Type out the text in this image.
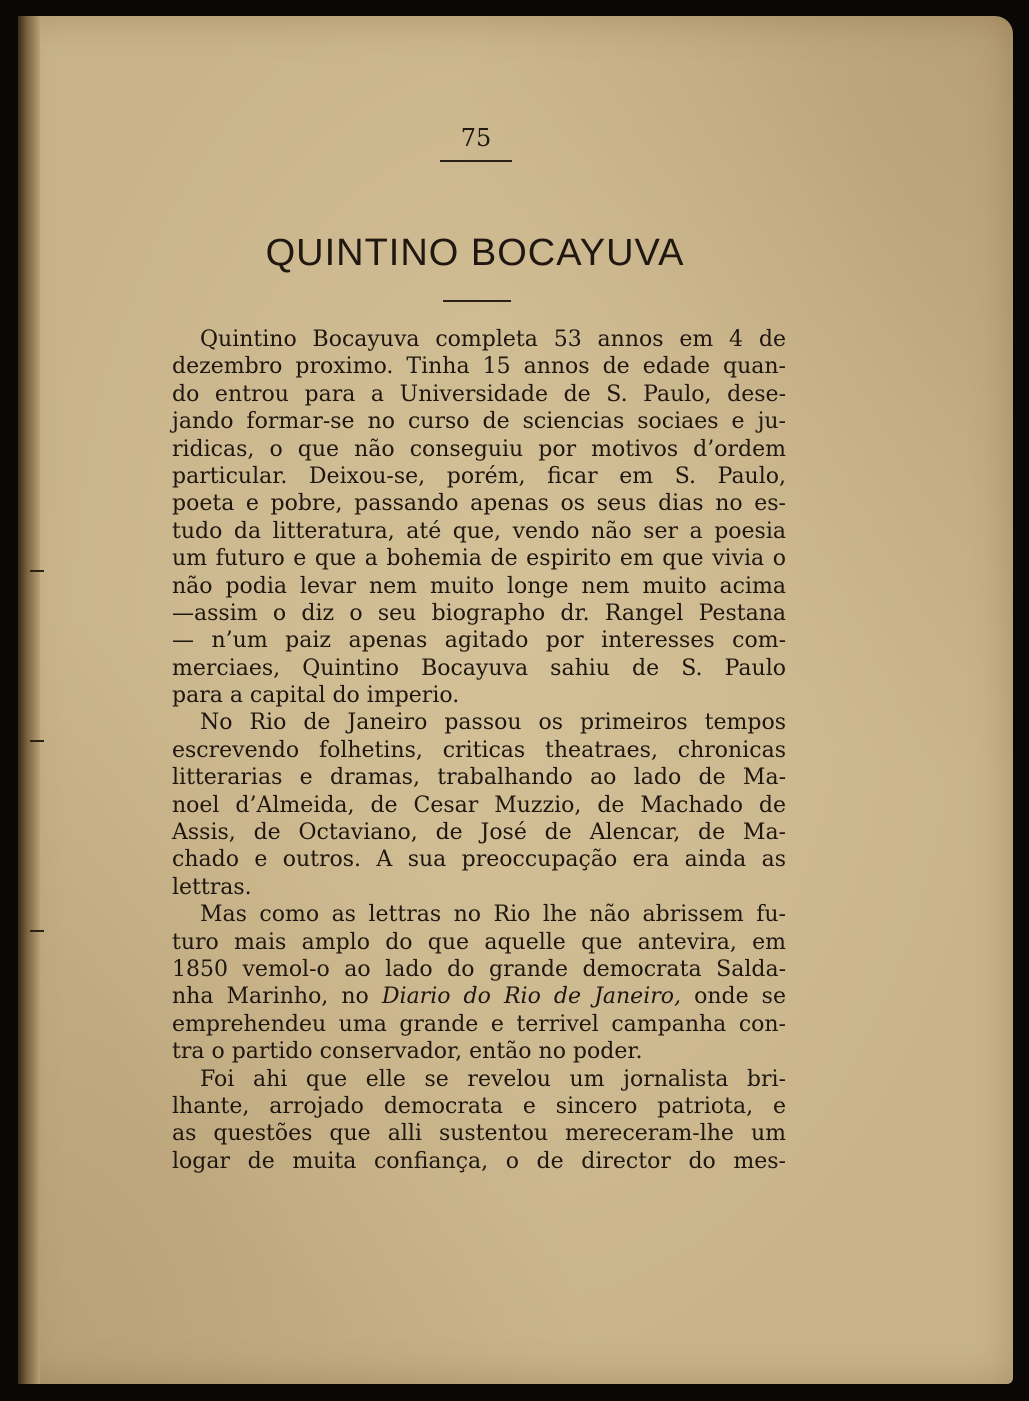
75
QUINTINO BOCAYUVA
Quintino Bocayuva completa 53 annos em 4 de
dezembro proximo. Tinha 15 annos de edade quan-
do entrou para a Universidade de S. Paulo, dese-
jando formar-se no curso de sciencias sociaes e ju-
ridicas, o que não conseguiu por motivos d’ordem
particular. Deixou-se, porém, ficar em S. Paulo,
poeta e pobre, passando apenas os seus dias no es-
tudo da litteratura, até que, vendo não ser a poesia
um futuro e que a bohemia de espirito em que vivia o
não podia levar nem muito longe nem muito acima
—assim o diz o seu biographo dr. Rangel Pestana
— n’um paiz apenas agitado por interesses com-
merciaes, Quintino Bocayuva sahiu de S. Paulo
para a capital do imperio.
No Rio de Janeiro passou os primeiros tempos
escrevendo folhetins, criticas theatraes, chronicas
litterarias e dramas, trabalhando ao lado de Ma-
noel d’Almeida, de Cesar Muzzio, de Machado de
Assis, de Octaviano, de José de Alencar, de Ma-
chado e outros. A sua preoccupação era ainda as
lettras.
Mas como as lettras no Rio lhe não abrissem fu-
turo mais amplo do que aquelle que antevira, em
1850 vemol-o ao lado do grande democrata Salda-
nha Marinho, no Diario do Rio de Janeiro, onde se
emprehendeu uma grande e terrivel campanha con-
tra o partido conservador, então no poder.
Foi ahi que elle se revelou um jornalista bri-
lhante, arrojado democrata e sincero patriota, e
as questões que alli sustentou mereceram-lhe um
logar de muita confiança, o de director do mes-
